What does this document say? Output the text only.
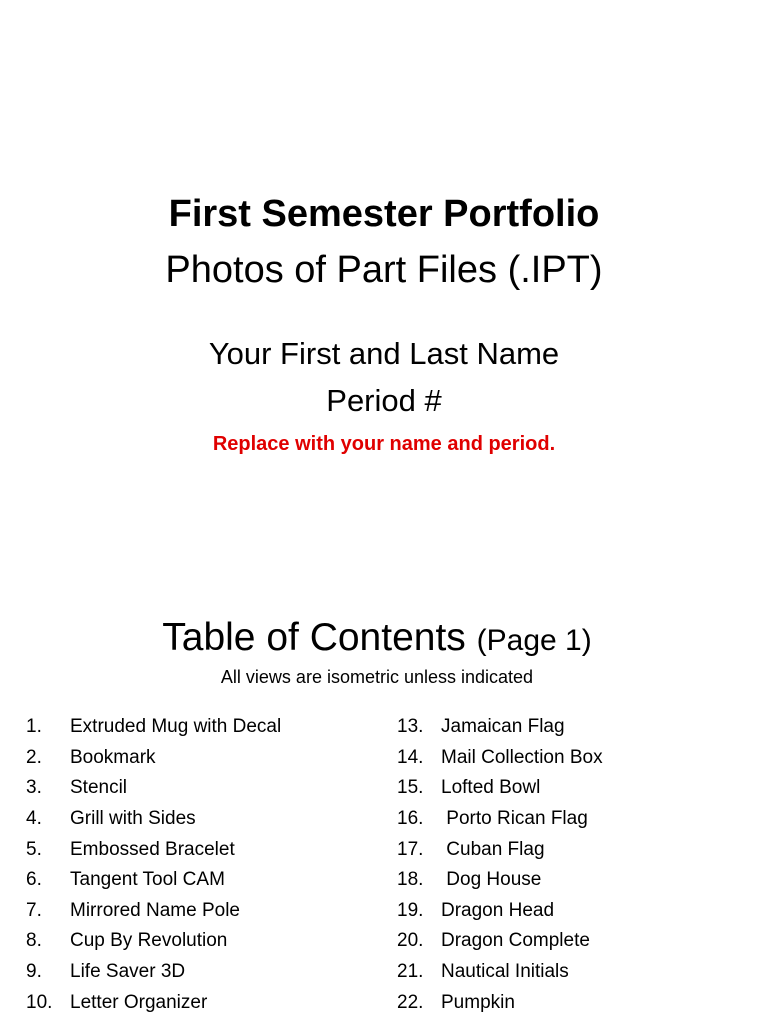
First Semester Portfolio
Photos of Part Files (.IPT)
Your First and Last Name
Period #
Replace with your name and period.
Table of Contents (Page 1)
All views are isometric unless indicated
1.	Extruded Mug with Decal
2.	Bookmark
3.	Stencil
4.	Grill with Sides
5.	Embossed Bracelet
6.	Tangent Tool CAM
7.	Mirrored Name Pole
8.	Cup By Revolution
9.	Life Saver 3D
10. Letter Organizer
13. Jamaican Flag
14. Mail Collection Box
15. Lofted Bowl
16. Porto Rican Flag
17. Cuban Flag
18. Dog House
19. Dragon Head
20. Dragon Complete
21. Nautical Initials
22. Pumpkin
